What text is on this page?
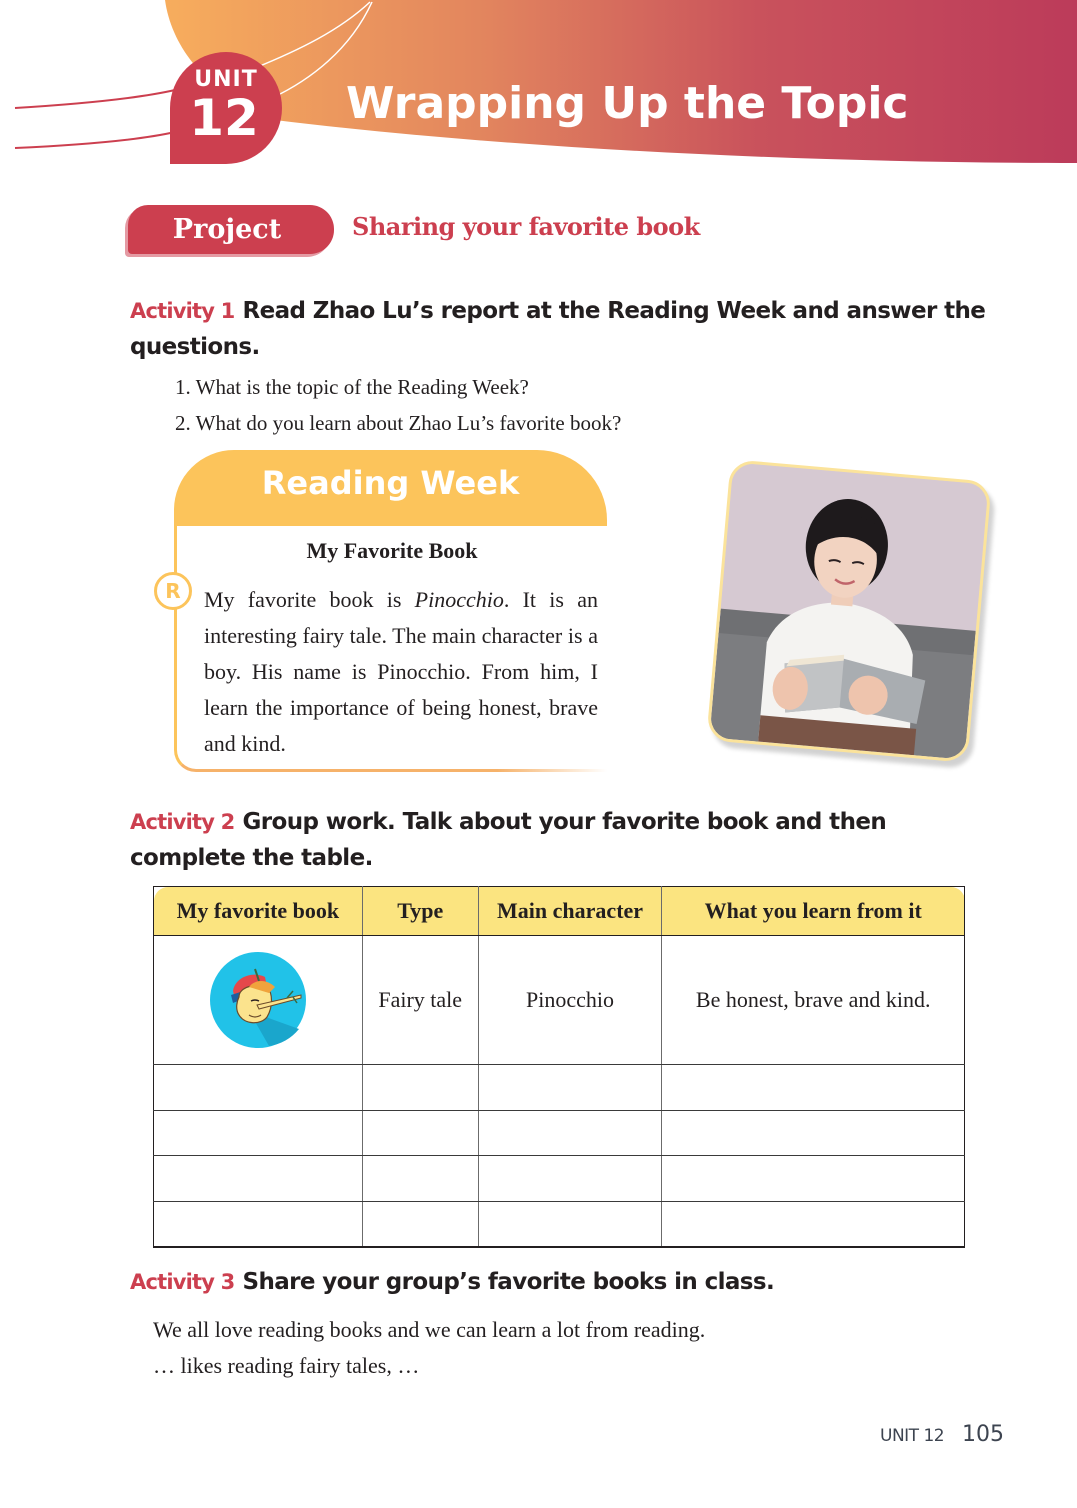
UNIT
12	Wrapping Up the Topic
Project	Sharing your favorite book
Activity 1 Read Zhao Lu’s report at the Reading Week and answer the questions.
1. What is the topic of the Reading Week?
2. What do you learn about Zhao Lu’s favorite book?
Reading Week
My Favorite Book
R	My favorite book is Pinocchio. It is an interesting fairy tale. The main character is a boy. His name is Pinocchio. From him, I learn the importance of being honest, brave and kind.
Activity 2 Group work. Talk about your favorite book and then complete the table.
My favorite book	Type	Main character	What you learn from it

	Fairy tale	Pinocchio	Be honest, brave and kind.

Activity 3 Share your group’s favorite books in class.
We all love reading books and we can learn a lot from reading.
… likes reading fairy tales, …
UNIT 12 105
